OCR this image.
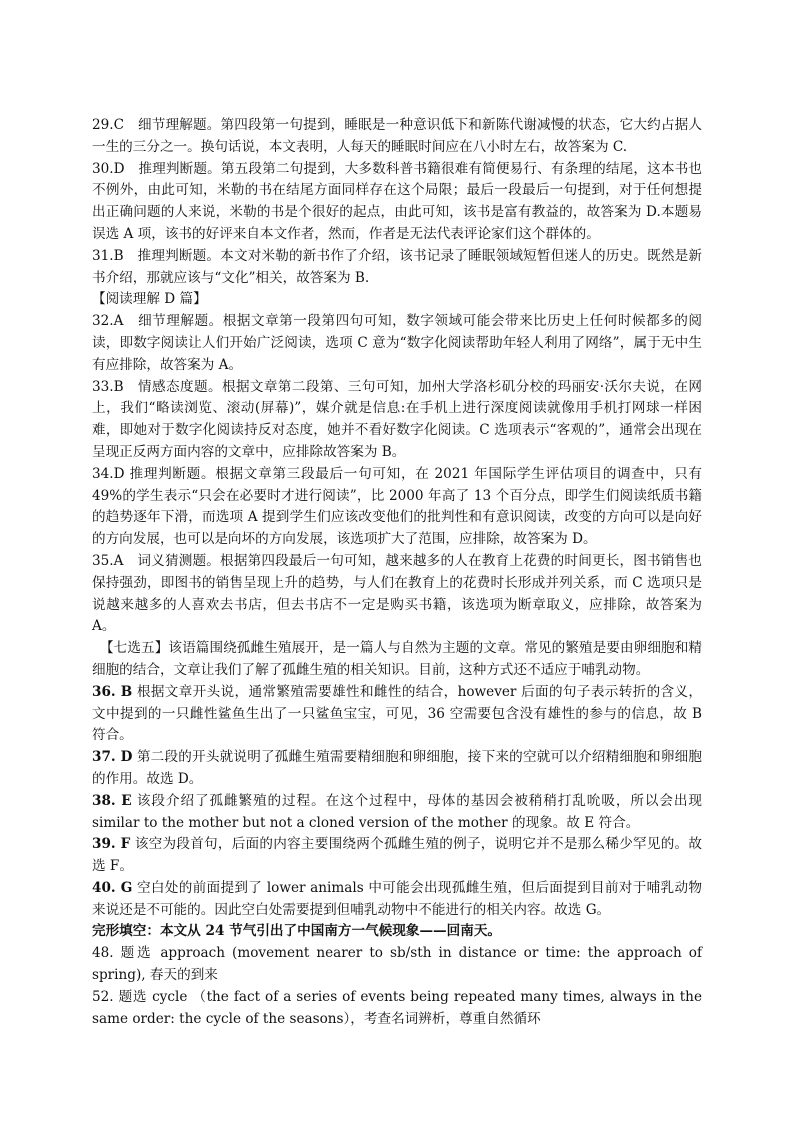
29.C　细节理解题。第四段第一句提到，睡眠是一种意识低下和新陈代谢减慢的状态，它大约占据人一生的三分之一。换句话说，本文表明，人每天的睡眠时间应在八小时左右，故答案为 C.

30.D　推理判断题。第五段第二句提到，大多数科普书籍很难有简便易行、有条理的结尾，这本书也不例外，由此可知，米勒的书在结尾方面同样存在这个局限；最后一段最后一句提到，对于任何想提出正确问题的人来说，米勒的书是个很好的起点，由此可知，该书是富有教益的，故答案为 D.本题易误选 A 项，该书的好评来自本文作者，然而，作者是无法代表评论家们这个群体的。

31.B　推理判断题。本文对米勒的新书作了介绍，该书记录了睡眠领域短暂但迷人的历史。既然是新书介绍，那就应该与“文化”相关，故答案为 B.

【阅读理解 D 篇】

32.A　细节理解题。根据文章第一段第四句可知，数字领域可能会带来比历史上任何时候都多的阅读，即数字阅读让人们开始广泛阅读，选项 C 意为“数字化阅读帮助年轻人利用了网络”，属于无中生有应排除，故答案为 A。

33.B　情感态度题。根据文章第二段第、三句可知，加州大学洛杉矶分校的玛丽安·沃尔夫说，在网上，我们“略读浏览、滚动(屏幕)”，媒介就是信息:在手机上进行深度阅读就像用手机打网球一样困难，即她对于数字化阅读持反对态度，她并不看好数字化阅读。C 选项表示“客观的”，通常会出现在呈现正反两方面内容的文章中，应排除故答案为 B。

34.D 推理判断题。根据文章第三段最后一句可知，在 2021 年国际学生评估项目的调查中，只有 49%的学生表示“只会在必要时才进行阅读”，比 2000 年高了 13 个百分点，即学生们阅读纸质书籍的趋势逐年下滑，而选项 A 提到学生们应该改变他们的批判性和有意识阅读，改变的方向可以是向好的方向发展，也可以是向坏的方向发展，该选项扩大了范围，应排除，故答案为 D。

35.A　词义猜测题。根据第四段最后一句可知，越来越多的人在教育上花费的时间更长，图书销售也保持强劲，即图书的销售呈现上升的趋势，与人们在教育上的花费时长形成并列关系，而 C 选项只是说越来越多的人喜欢去书店，但去书店不一定是购买书籍，该选项为断章取义，应排除，故答案为 A。

【七选五】该语篇围绕孤雌生殖展开，是一篇人与自然为主题的文章。常见的繁殖是要由卵细胞和精细胞的结合，文章让我们了解了孤雌生殖的相关知识。目前，这种方式还不适应于哺乳动物。

36. B 根据文章开头说，通常繁殖需要雄性和雌性的结合，however 后面的句子表示转折的含义，文中提到的一只雌性鲨鱼生出了一只鲨鱼宝宝，可见，36 空需要包含没有雄性的参与的信息，故 B 符合。

37. D 第二段的开头就说明了孤雌生殖需要精细胞和卵细胞，接下来的空就可以介绍精细胞和卵细胞的作用。故选 D。

38. E 该段介绍了孤雌繁殖的过程。在这个过程中，母体的基因会被稍稍打乱吮吸，所以会出现 similar to the mother but not a cloned version of the mother 的现象。故 E 符合。

39. F 该空为段首句，后面的内容主要围绕两个孤雌生殖的例子，说明它并不是那么稀少罕见的。故选 F。

40. G 空白处的前面提到了 lower animals 中可能会出现孤雌生殖，但后面提到目前对于哺乳动物来说还是不可能的。因此空白处需要提到但哺乳动物中不能进行的相关内容。故选 G。

完形填空：本文从 24 节气引出了中国南方一气候现象——回南天。

48. 题选 approach (movement nearer to sb/sth in distance or time: the approach of spring), 春天的到来

52. 题选 cycle （the fact of a series of events being repeated many times, always in the same order: the cycle of the seasons），考查名词辨析，尊重自然循环
